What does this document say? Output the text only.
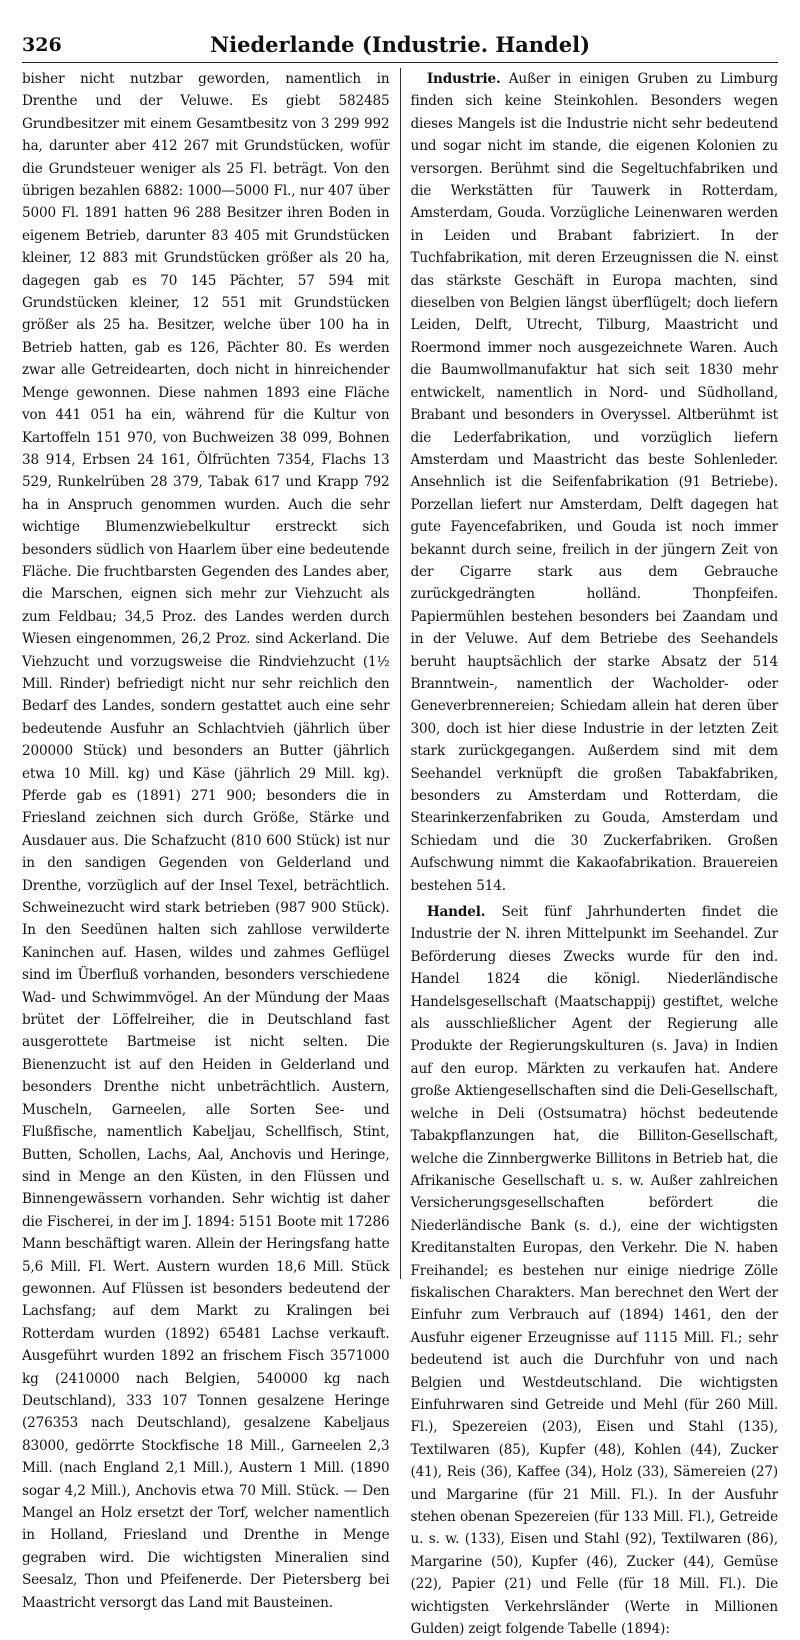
326	Niederlande (Industrie. Handel)

bisher nicht nutzbar geworden, namentlich in Drenthe und der Veluwe. Es giebt 582485 Grundbesitzer mit einem Gesamtbesitz von 3 299 992 ha, darunter aber 412 267 mit Grundstücken, wofür die Grundsteuer weniger als 25 Fl. beträgt. Von den übrigen bezahlen 6882: 1000—5000 Fl., nur 407 über 5000 Fl. 1891 hatten 96 288 Besitzer ihren Boden in eigenem Betrieb, darunter 83 405 mit Grundstücken kleiner, 12 883 mit Grundstücken größer als 20 ha, dagegen gab es 70 145 Pächter, 57 594 mit Grundstücken kleiner, 12 551 mit Grundstücken größer als 25 ha. Besitzer, welche über 100 ha in Betrieb hatten, gab es 126, Pächter 80. Es werden zwar alle Getreidearten, doch nicht in hinreichender Menge gewonnen. Diese nahmen 1893 eine Fläche von 441 051 ha ein, während für die Kultur von Kartoffeln 151 970, von Buchweizen 38 099, Bohnen 38 914, Erbsen 24 161, Ölfrüchten 7354, Flachs 13 529, Runkelrüben 28 379, Tabak 617 und Krapp 792 ha in Anspruch genommen wurden. Auch die sehr wichtige Blumenzwiebelkultur erstreckt sich besonders südlich von Haarlem über eine bedeutende Fläche. Die fruchtbarsten Gegenden des Landes aber, die Marschen, eignen sich mehr zur Viehzucht als zum Feldbau; 34,5 Proz. des Landes werden durch Wiesen eingenommen, 26,2 Proz. sind Ackerland. Die Viehzucht und vorzugsweise die Rindviehzucht (1½ Mill. Rinder) befriedigt nicht nur sehr reichlich den Bedarf des Landes, sondern gestattet auch eine sehr bedeutende Ausfuhr an Schlachtvieh (jährlich über 200000 Stück) und besonders an Butter (jährlich etwa 10 Mill. kg) und Käse (jährlich 29 Mill. kg). Pferde gab es (1891) 271 900; besonders die in Friesland zeichnen sich durch Größe, Stärke und Ausdauer aus. Die Schafzucht (810 600 Stück) ist nur in den sandigen Gegenden von Gelderland und Drenthe, vorzüglich auf der Insel Texel, beträchtlich. Schweinezucht wird stark betrieben (987 900 Stück). In den Seedünen halten sich zahllose verwilderte Kaninchen auf. Hasen, wildes und zahmes Geflügel sind im Überfluß vorhanden, besonders verschiedene Wad- und Schwimmvögel. An der Mündung der Maas brütet der Löffelreiher, die in Deutschland fast ausgerottete Bartmeise ist nicht selten. Die Bienenzucht ist auf den Heiden in Gelderland und besonders Drenthe nicht unbeträchtlich. Austern, Muscheln, Garneelen, alle Sorten See- und Flußfische, namentlich Kabeljau, Schellfisch, Stint, Butten, Schollen, Lachs, Aal, Anchovis und Heringe, sind in Menge an den Küsten, in den Flüssen und Binnengewässern vorhanden. Sehr wichtig ist daher die Fischerei, in der im J. 1894: 5151 Boote mit 17286 Mann beschäftigt waren. Allein der Heringsfang hatte 5,6 Mill. Fl. Wert. Austern wurden 18,6 Mill. Stück gewonnen. Auf Flüssen ist besonders bedeutend der Lachsfang; auf dem Markt zu Kralingen bei Rotterdam wurden (1892) 65481 Lachse verkauft. Ausgeführt wurden 1892 an frischem Fisch 3571000 kg (2410000 nach Belgien, 540000 kg nach Deutschland), 333 107 Tonnen gesalzene Heringe (276353 nach Deutschland), gesalzene Kabeljaus 83000, gedörrte Stockfische 18 Mill., Garneelen 2,3 Mill. (nach England 2,1 Mill.), Austern 1 Mill. (1890 sogar 4,2 Mill.), Anchovis etwa 70 Mill. Stück. — Den Mangel an Holz ersetzt der Torf, welcher namentlich in Holland, Friesland und Drenthe in Menge gegraben wird. Die wichtigsten Mineralien sind Seesalz, Thon und Pfeifenerde. Der Pietersberg bei Maastricht versorgt das Land mit Bausteinen.

Industrie. Außer in einigen Gruben zu Limburg finden sich keine Steinkohlen. Besonders wegen dieses Mangels ist die Industrie nicht sehr bedeutend und sogar nicht im stande, die eigenen Kolonien zu versorgen. Berühmt sind die Segeltuchfabriken und die Werkstätten für Tauwerk in Rotterdam, Amsterdam, Gouda. Vorzügliche Leinenwaren werden in Leiden und Brabant fabriziert. In der Tuchfabrikation, mit deren Erzeugnissen die N. einst das stärkste Geschäft in Europa machten, sind dieselben von Belgien längst überflügelt; doch liefern Leiden, Delft, Utrecht, Tilburg, Maastricht und Roermond immer noch ausgezeichnete Waren. Auch die Baumwollmanufaktur hat sich seit 1830 mehr entwickelt, namentlich in Nord- und Südholland, Brabant und besonders in Overyssel. Altberühmt ist die Lederfabrikation, und vorzüglich liefern Amsterdam und Maastricht das beste Sohlenleder. Ansehnlich ist die Seifenfabrikation (91 Betriebe). Porzellan liefert nur Amsterdam, Delft dagegen hat gute Fayencefabriken, und Gouda ist noch immer bekannt durch seine, freilich in der jüngern Zeit von der Cigarre stark aus dem Gebrauche zurückgedrängten holländ. Thonpfeifen. Papiermühlen bestehen besonders bei Zaandam und in der Veluwe. Auf dem Betriebe des Seehandels beruht hauptsächlich der starke Absatz der 514 Branntwein-, namentlich der Wacholder- oder Geneverbrennereien; Schiedam allein hat deren über 300, doch ist hier diese Industrie in der letzten Zeit stark zurückgegangen. Außerdem sind mit dem Seehandel verknüpft die großen Tabakfabriken, besonders zu Amsterdam und Rotterdam, die Stearinkerzenfabriken zu Gouda, Amsterdam und Schiedam und die 30 Zuckerfabriken. Großen Aufschwung nimmt die Kakaofabrikation. Brauereien bestehen 514.

Handel. Seit fünf Jahrhunderten findet die Industrie der N. ihren Mittelpunkt im Seehandel. Zur Beförderung dieses Zwecks wurde für den ind. Handel 1824 die königl. Niederländische Handelsgesellschaft (Maatschappij) gestiftet, welche als ausschließlicher Agent der Regierung alle Produkte der Regierungskulturen (s. Java) in Indien auf den europ. Märkten zu verkaufen hat. Andere große Aktiengesellschaften sind die Deli-Gesellschaft, welche in Deli (Ostsumatra) höchst bedeutende Tabakpflanzungen hat, die Billiton-Gesellschaft, welche die Zinnbergwerke Billitons in Betrieb hat, die Afrikanische Gesellschaft u. s. w. Außer zahlreichen Versicherungsgesellschaften befördert die Niederländische Bank (s. d.), eine der wichtigsten Kreditanstalten Europas, den Verkehr. Die N. haben Freihandel; es bestehen nur einige niedrige Zölle fiskalischen Charakters. Man berechnet den Wert der Einfuhr zum Verbrauch auf (1894) 1461, den der Ausfuhr eigener Erzeugnisse auf 1115 Mill. Fl.; sehr bedeutend ist auch die Durchfuhr von und nach Belgien und Westdeutschland. Die wichtigsten Einfuhrwaren sind Getreide und Mehl (für 260 Mill. Fl.), Spezereien (203), Eisen und Stahl (135), Textilwaren (85), Kupfer (48), Kohlen (44), Zucker (41), Reis (36), Kaffee (34), Holz (33), Sämereien (27) und Margarine (für 21 Mill. Fl.). In der Ausfuhr stehen obenan Spezereien (für 133 Mill. Fl.), Getreide u. s. w. (133), Eisen und Stahl (92), Textilwaren (86), Margarine (50), Kupfer (46), Zucker (44), Gemüse (22), Papier (21) und Felle (für 18 Mill. Fl.). Die wichtigsten Verkehrsländer (Werte in Millionen Gulden) zeigt folgende Tabelle (1894):
